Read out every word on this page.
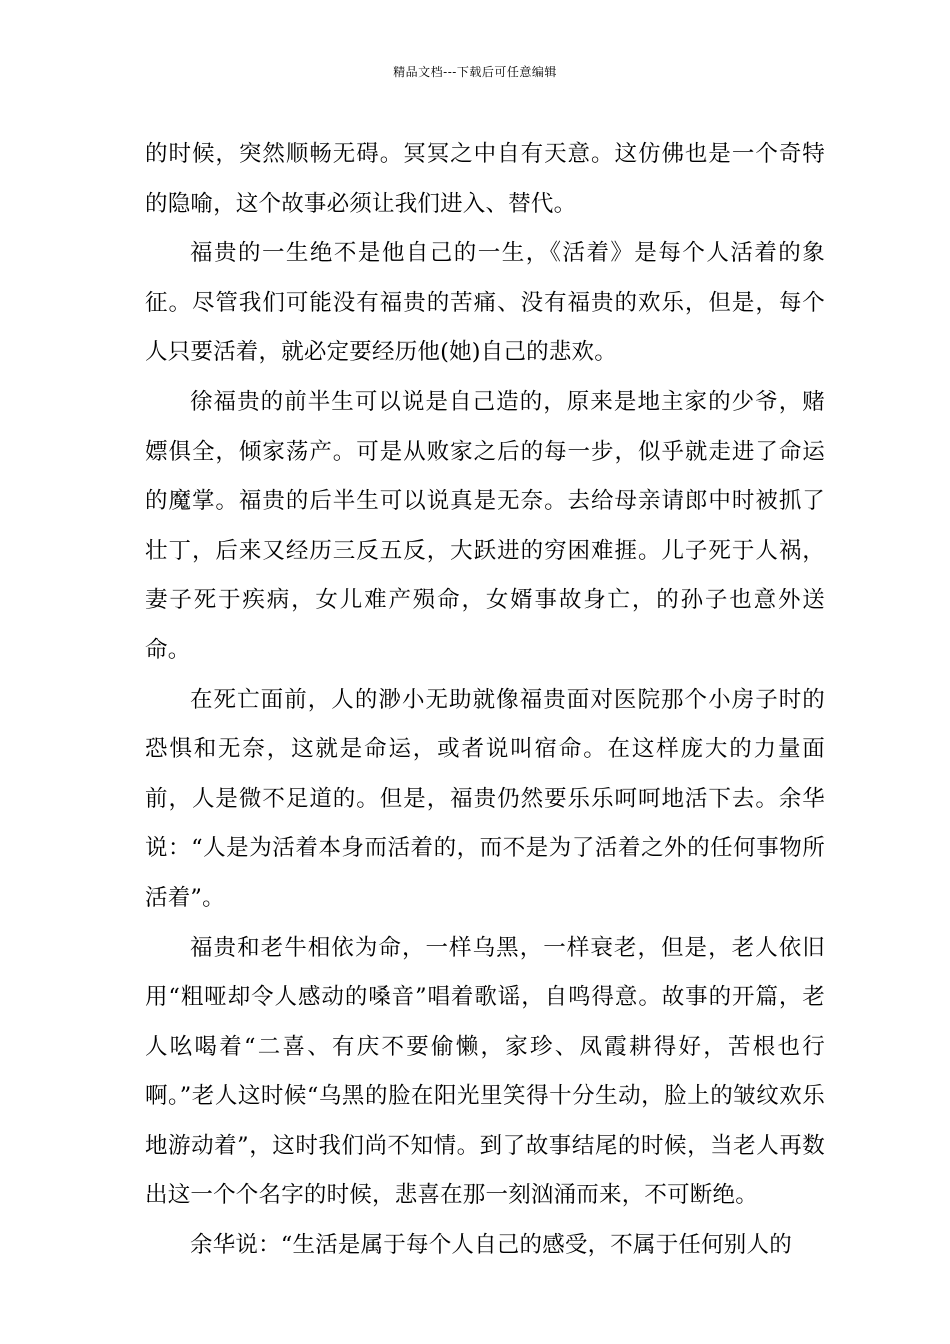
精品文档---下载后可任意编辑

的时候，突然顺畅无碍。冥冥之中自有天意。这仿佛也是一个奇特的隐喻，这个故事必须让我们进入、替代。

福贵的一生绝不是他自己的一生，《活着》是每个人活着的象征。尽管我们可能没有福贵的苦痛、没有福贵的欢乐，但是，每个人只要活着，就必定要经历他(她)自己的悲欢。

徐福贵的前半生可以说是自己造的，原来是地主家的少爷，赌嫖俱全，倾家荡产。可是从败家之后的每一步，似乎就走进了命运的魔掌。福贵的后半生可以说真是无奈。去给母亲请郎中时被抓了壮丁，后来又经历三反五反，大跃进的穷困难捱。儿子死于人祸，妻子死于疾病，女儿难产殒命，女婿事故身亡，的孙子也意外送命。

在死亡面前，人的渺小无助就像福贵面对医院那个小房子时的恐惧和无奈，这就是命运，或者说叫宿命。在这样庞大的力量面前，人是微不足道的。但是，福贵仍然要乐乐呵呵地活下去。余华说：“人是为活着本身而活着的，而不是为了活着之外的任何事物所活着”。

福贵和老牛相依为命，一样乌黑，一样衰老，但是，老人依旧用“粗哑却令人感动的嗓音”唱着歌谣，自鸣得意。故事的开篇，老人吆喝着“二喜、有庆不要偷懒，家珍、凤霞耕得好，苦根也行啊。”老人这时候“乌黑的脸在阳光里笑得十分生动，脸上的皱纹欢乐地游动着”，这时我们尚不知情。到了故事结尾的时候，当老人再数出这一个个名字的时候，悲喜在那一刻汹涌而来，不可断绝。

余华说：“生活是属于每个人自己的感受，不属于任何别人的
